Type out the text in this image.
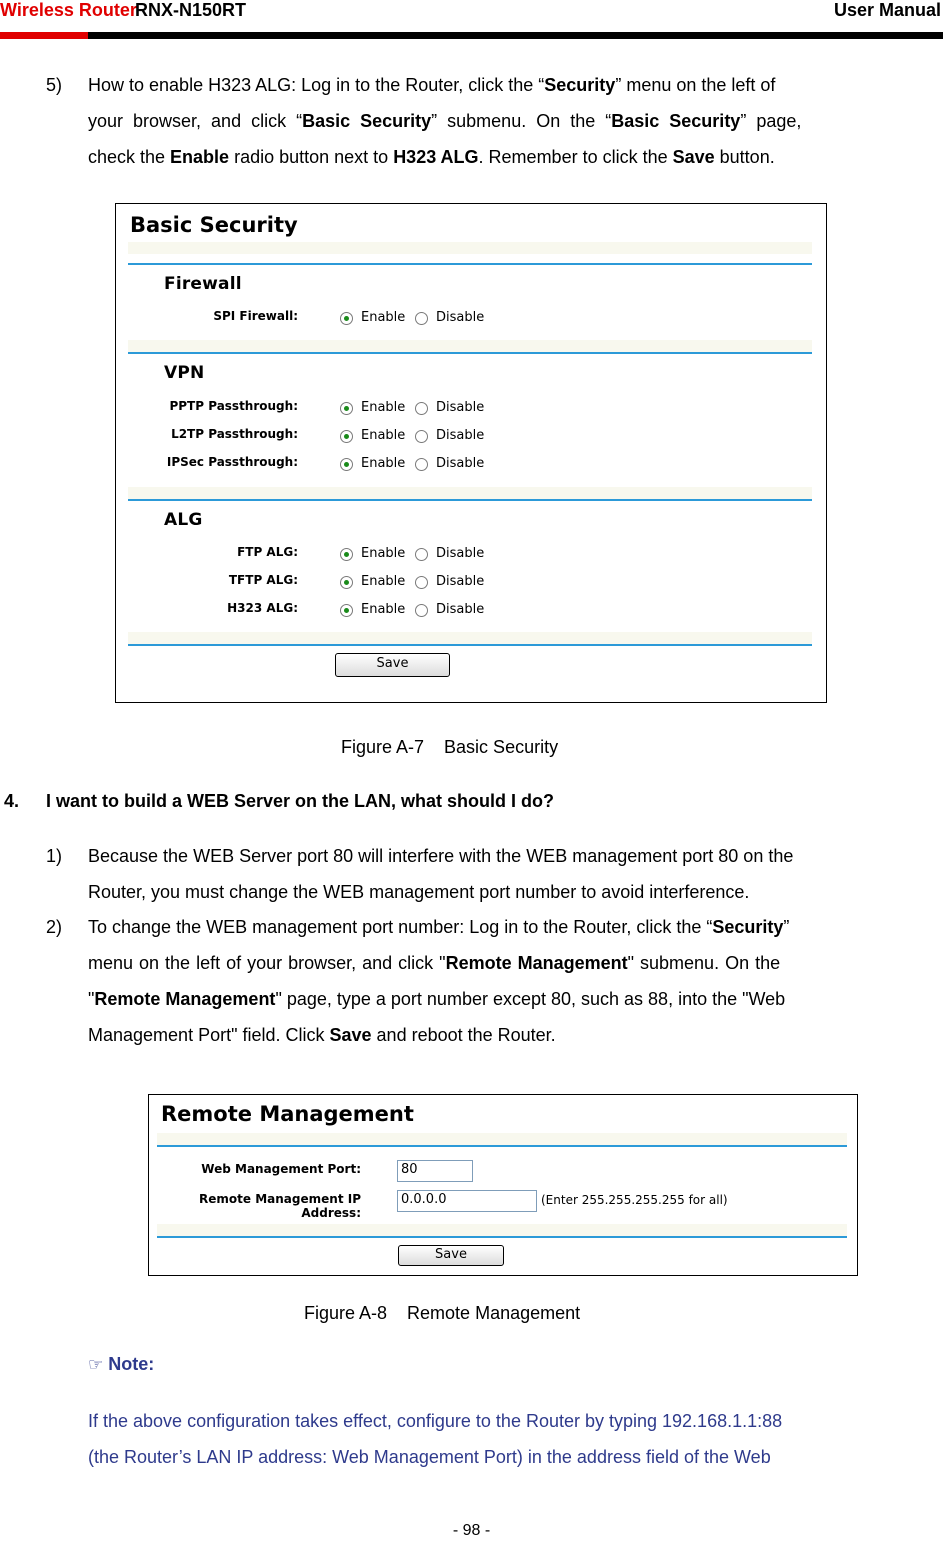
Wireless Router
RNX-N150RT	User Manual
5) How to enable H323 ALG: Log in to the Router, click the “Security” menu on the left of
your  browser,  and  click  “Basic  Security”  submenu.  On  the  “Basic  Security”  page,
check the Enable radio button next to H323 ALG. Remember to click the Save button.
Basic Security
Firewall
SPI Firewall:	Enable Disable
VPN
PPTP Passthrough:	Enable Disable
L2TP Passthrough:	Enable Disable
IPSec Passthrough:	Enable Disable
ALG
FTP ALG:	Enable Disable
TFTP ALG:	Enable Disable
H323 ALG:	Enable Disable
Save
Figure A-7    Basic Security
4. I want to build a WEB Server on the LAN, what should I do?
1) Because the WEB Server port 80 will interfere with the WEB management port 80 on the
Router, you must change the WEB management port number to avoid interference.
2) To change the WEB management port number: Log in to the Router, click the “Security”
menu on the left of your browser, and click "Remote Management" submenu. On the
"Remote Management" page, type a port number except 80, such as 88, into the "Web
Management Port" field. Click Save and reboot the Router.
Remote Management
Web Management Port:	80
Remote Management IP Address:
0.0.0.0	(Enter 255.255.255.255 for all)
Save
Figure A-8    Remote Management
☞ Note:
If the above configuration takes effect, configure to the Router by typing 192.168.1.1:88
(the Router’s LAN IP address: Web Management Port) in the address field of the Web
- 98 -
